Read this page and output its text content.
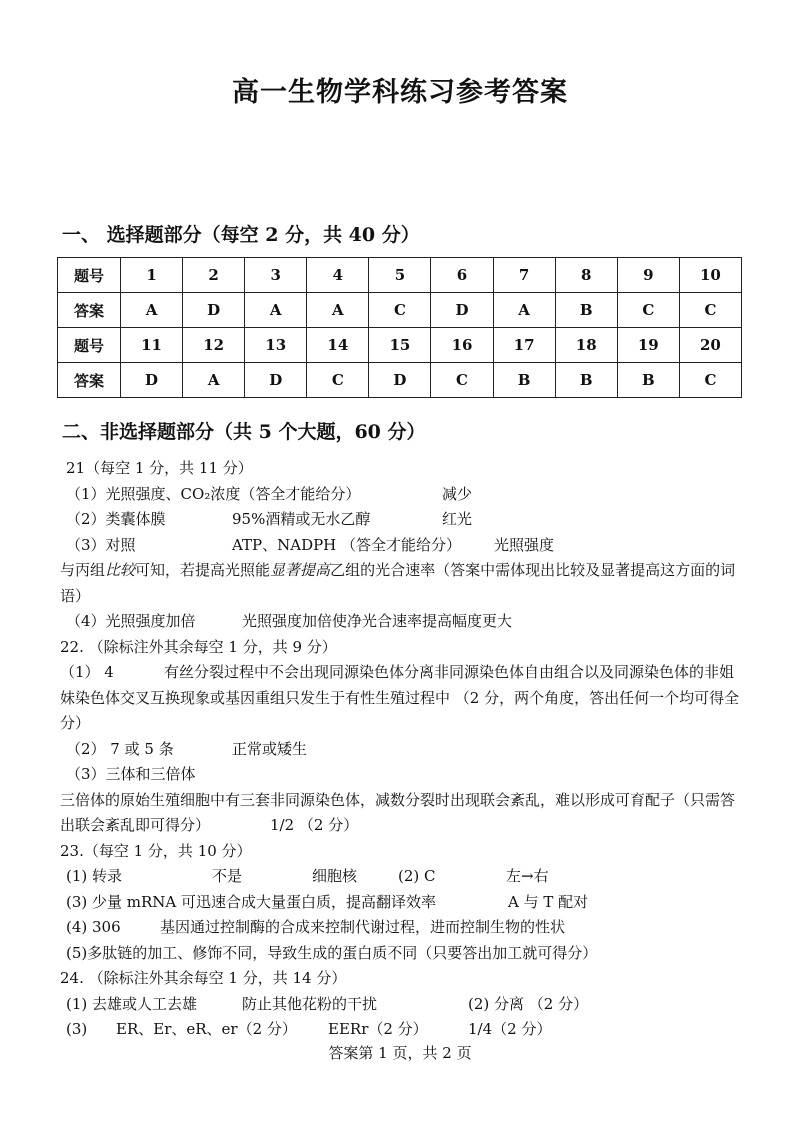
高一生物学科练习参考答案
一、 选择题部分（每空 2 分，共 40 分）
题号	1	2	3	4	5	6	7	8	9	10
答案	A	D	A	A	C	D	A	B	C	C
题号	11	12	13	14	15	16	17	18	19	20
答案	D	A	D	C	D	C	B	B	B	C
二、非选择题部分（共 5 个大题，60 分）
21（每空 1 分，共 11 分）
（1）光照强度、CO₂浓度（答全才能给分）	减少
（2）类囊体膜	95%酒精或无水乙醇	红光
（3）对照	ATP、NADPH （答全才能给分） 光照强度
与丙组比较可知，若提高光照能显著提高乙组的光合速率（答案中需体现出比较及显著提高这方面的词语）
（4）光照强度加倍	光照强度加倍使净光合速率提高幅度更大
22. （除标注外其余每空 1 分，共 9 分）
（1） 4	有丝分裂过程中不会出现同源染色体分离非同源染色体自由组合以及同源染色体的非姐妹染色体交叉互换现象或基因重组只发生于有性生殖过程中 （2 分，两个角度，答出任何一个均可得全分）
（2） 7 或 5 条	正常或矮生
（3）三体和三倍体
三倍体的原始生殖细胞中有三套非同源染色体，减数分裂时出现联会紊乱，难以形成可育配子（只需答出联会紊乱即可得分）	1/2 （2 分）
23.（每空 1 分，共 10 分）
(1) 转录	不是	细胞核	(2) C	左→右
(3) 少量 mRNA 可迅速合成大量蛋白质，提高翻译效率	A 与 T 配对
(4) 306	基因通过控制酶的合成来控制代谢过程，进而控制生物的性状
(5)多肽链的加工、修饰不同，导致生成的蛋白质不同（只要答出加工就可得分）
24. （除标注外其余每空 1 分，共 14 分）
(1) 去雄或人工去雄	防止其他花粉的干扰	(2) 分离 （2 分）
(3) ER、Er、eR、er（2 分） EERr（2 分）	1/4（2 分）
答案第 1 页，共 2 页
